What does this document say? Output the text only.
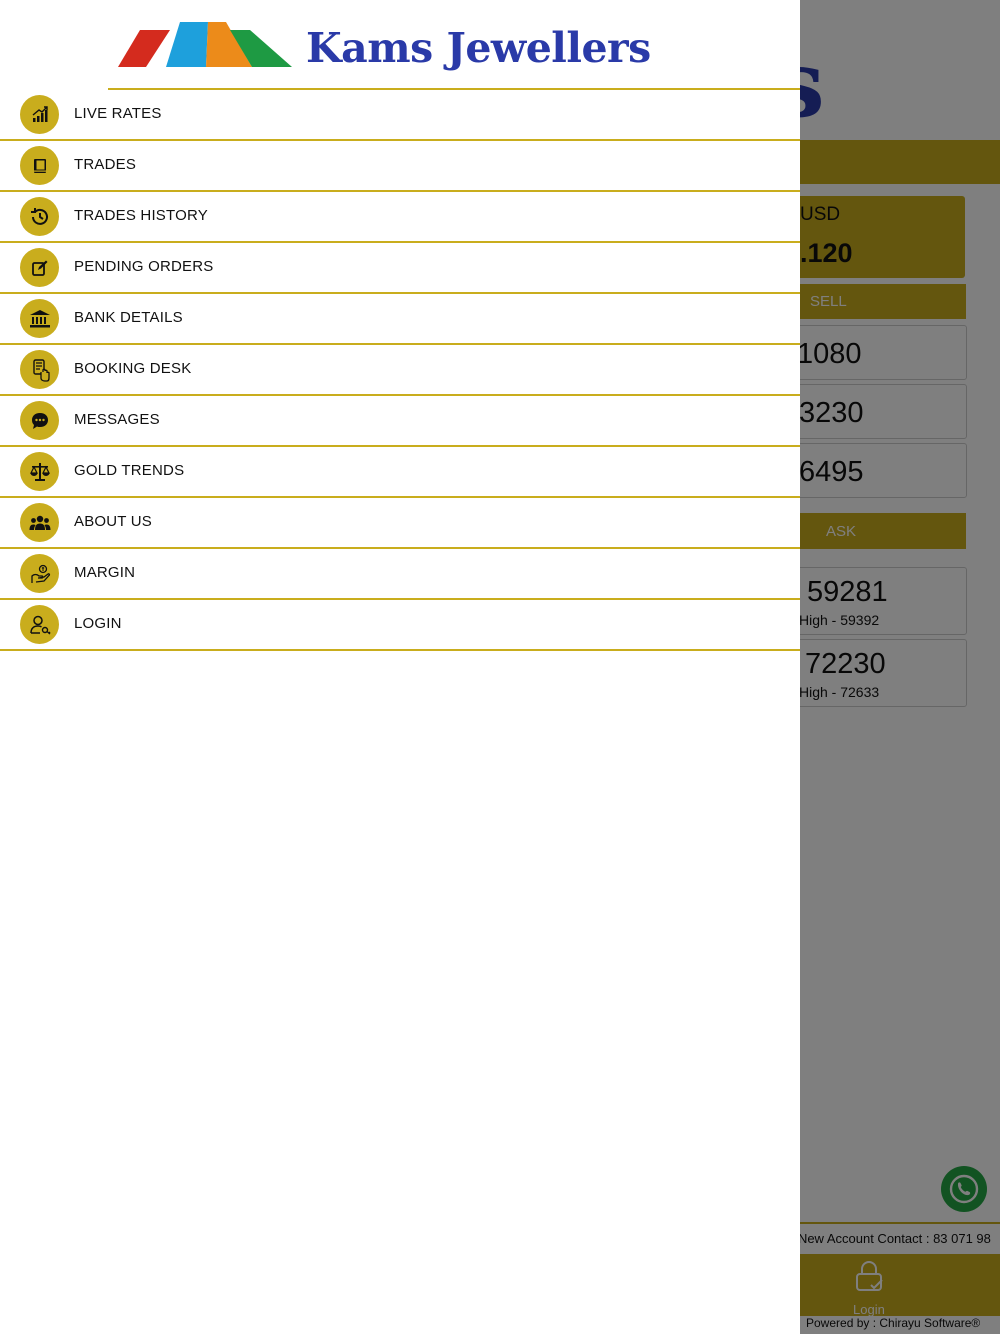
Kams Jewellers
LIVE RATES
TRADES
TRADES HISTORY
PENDING ORDERS
BANK DETAILS
BOOKING DESK
MESSAGES
GOLD TRENDS
ABOUT US
MARGIN
LOGIN
